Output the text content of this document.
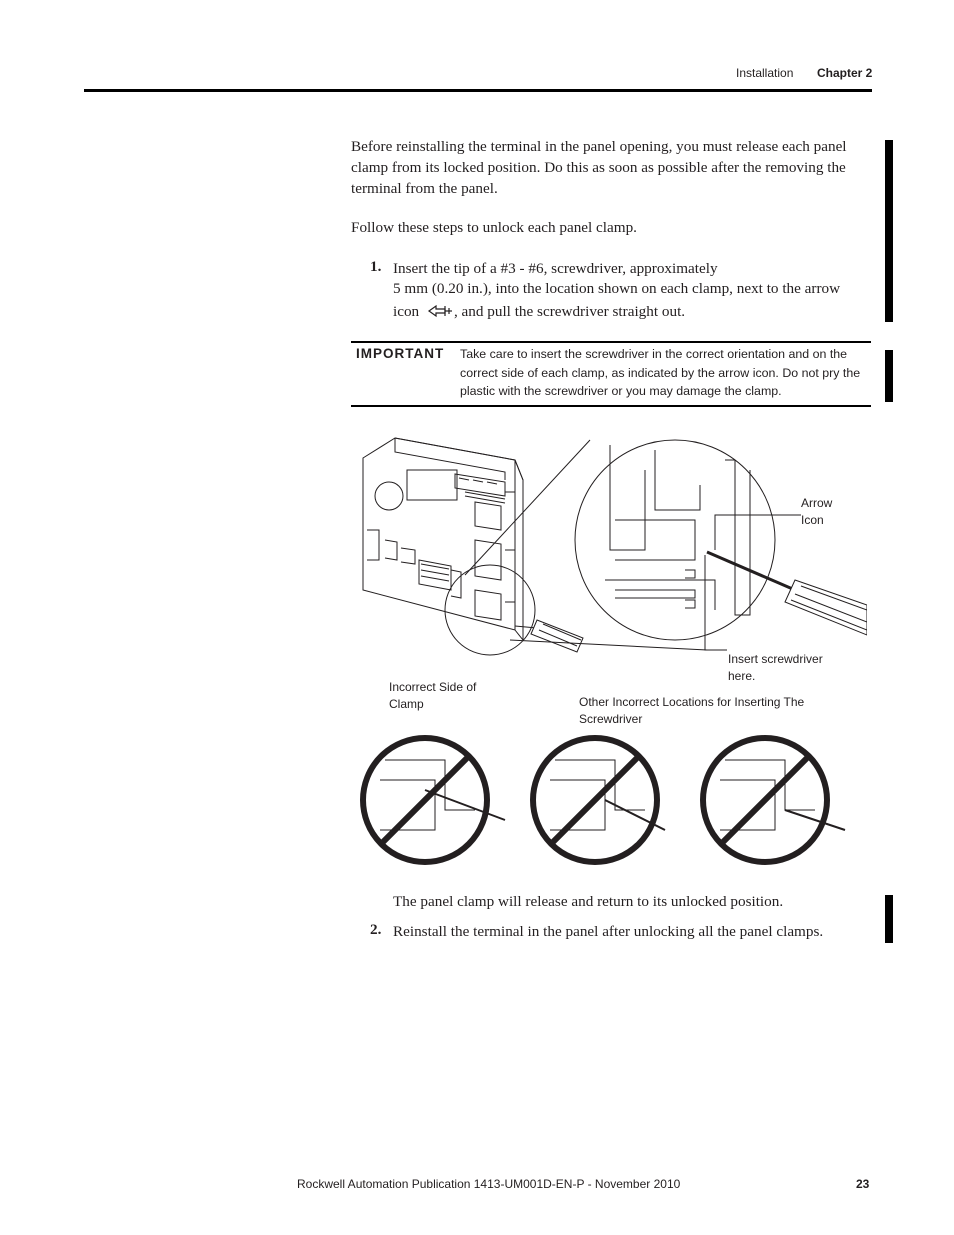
Installation Chapter 2
Before reinstalling the terminal in the panel opening, you must release each panel clamp from its locked position. Do this as soon as possible after the removing the terminal from the panel.
Follow these steps to unlock each panel clamp.
1. Insert the tip of a #3 - #6, screwdriver, approximately
5 mm (0.20 in.), into the location shown on each clamp, next to the arrow
icon , and pull the screwdriver straight out.
IMPORTANT Take care to insert the screwdriver in the correct orientation and on the correct side of each clamp, as indicated by the arrow icon. Do not pry the plastic with the screwdriver or you may damage the clamp.
Arrow
Icon
Insert screwdriver
here.
Incorrect Side of
Clamp	Other Incorrect Locations for Inserting The
Screwdriver
The panel clamp will release and return to its unlocked position.
2. Reinstall the terminal in the panel after unlocking all the panel clamps.
Rockwell Automation Publication 1413-UM001D-EN-P - November 2010	23
